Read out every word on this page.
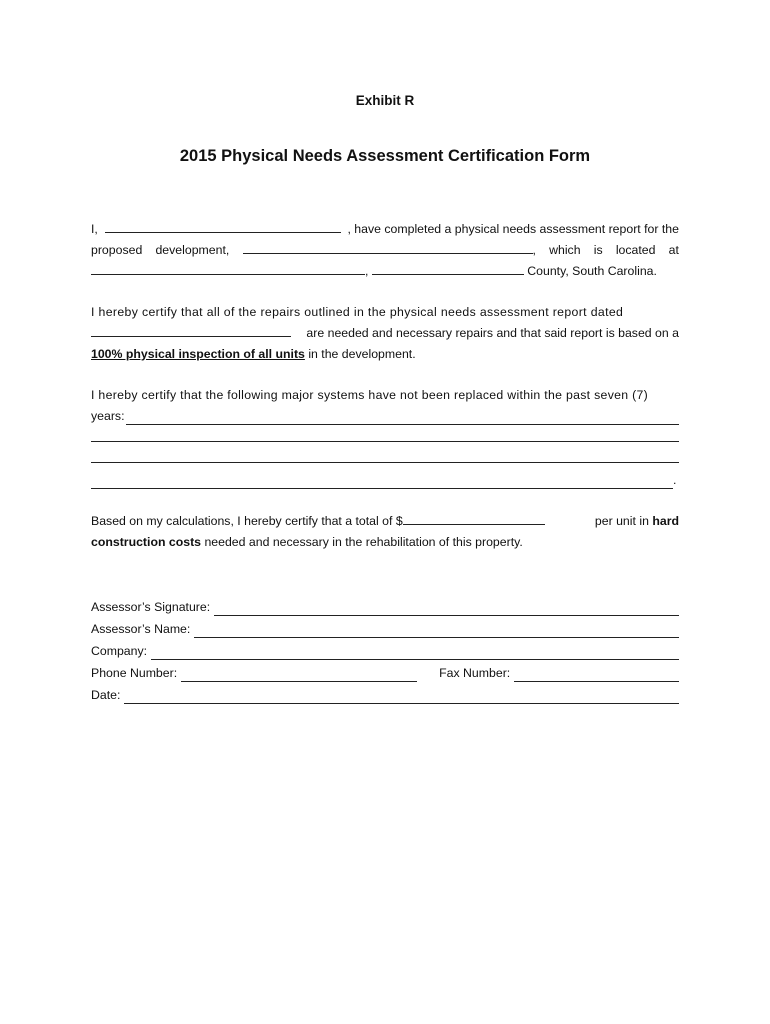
Exhibit R
2015 Physical Needs Assessment Certification Form
I,	, have completed a physical needs assessment report for the
proposed development,	, which is located at
,	County, South Carolina.
I hereby certify that all of the repairs outlined in the physical needs assessment report dated
are needed and necessary repairs and that said report is based on a
100% physical inspection of all units in the development.
I hereby certify that the following major systems have not been replaced within the past seven (7)
years:
.
Based on my calculations, I hereby certify that a total of $	per unit in hard
construction costs needed and necessary in the rehabilitation of this property.
Assessor’s Signature:
Assessor’s Name:
Company:
Phone Number:	Fax Number:
Date:
